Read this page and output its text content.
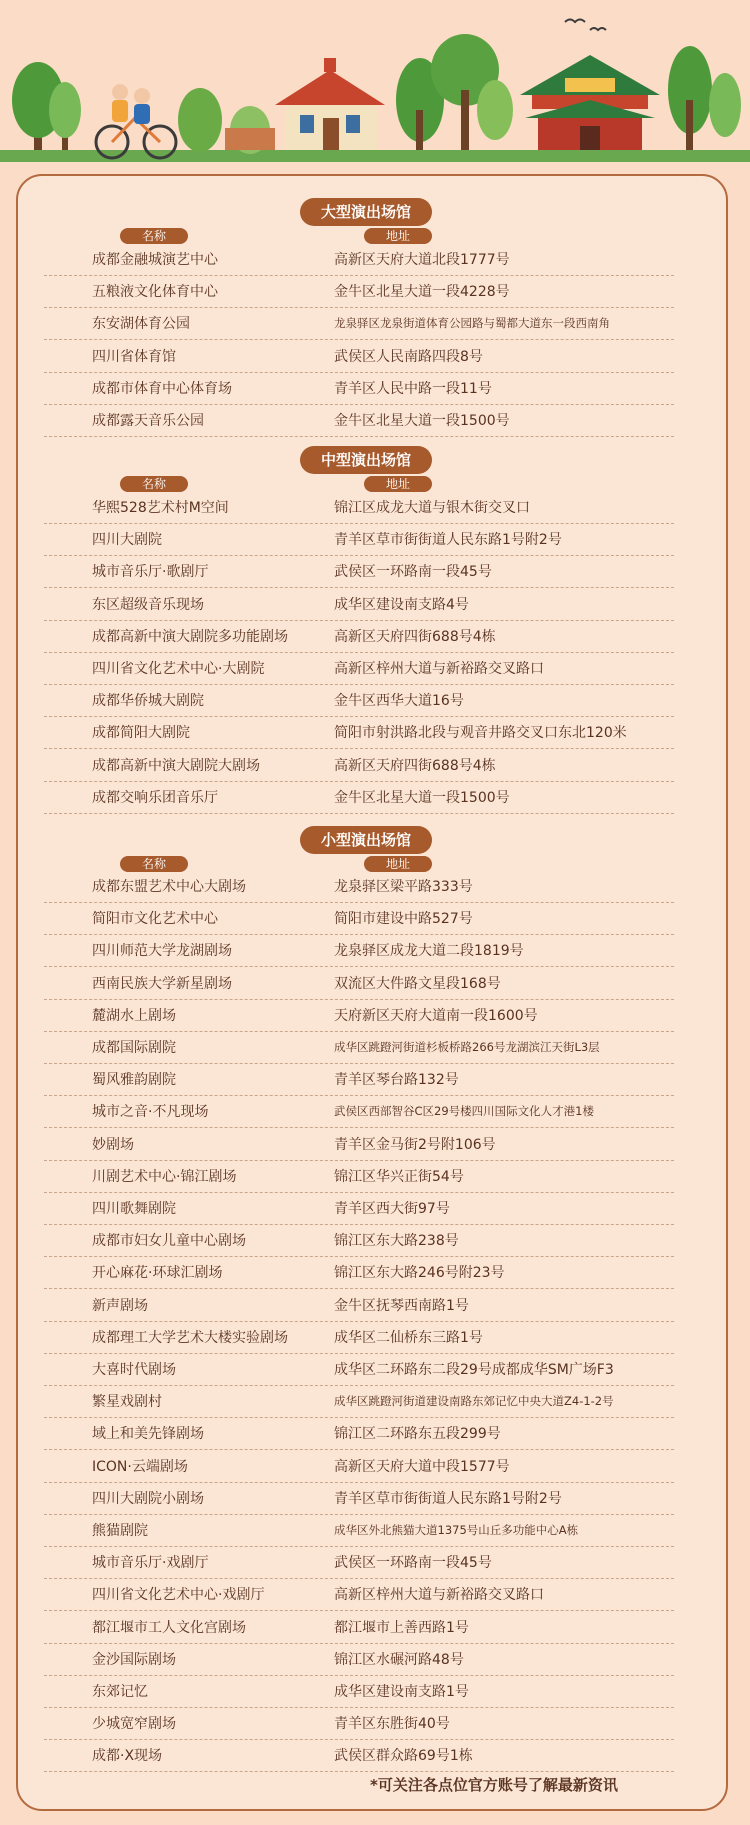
大型演出场馆
名称	地址
成都金融城演艺中心	高新区天府大道北段1777号
五粮液文化体育中心	金牛区北星大道一段4228号
东安湖体育公园	龙泉驿区龙泉街道体育公园路与蜀都大道东一段西南角
四川省体育馆	武侯区人民南路四段8号
成都市体育中心体育场	青羊区人民中路一段11号
成都露天音乐公园	金牛区北星大道一段1500号
中型演出场馆
名称	地址
华熙528艺术村M空间	锦江区成龙大道与银木街交叉口
四川大剧院	青羊区草市街街道人民东路1号附2号
城市音乐厅·歌剧厅	武侯区一环路南一段45号
东区超级音乐现场	成华区建设南支路4号
成都高新中演大剧院多功能剧场	高新区天府四街688号4栋
四川省文化艺术中心·大剧院	高新区梓州大道与新裕路交叉路口
成都华侨城大剧院	金牛区西华大道16号
成都简阳大剧院	简阳市射洪路北段与观音井路交叉口东北120米
成都高新中演大剧院大剧场	高新区天府四街688号4栋
成都交响乐团音乐厅	金牛区北星大道一段1500号
小型演出场馆
名称	地址
成都东盟艺术中心大剧场	龙泉驿区梁平路333号
简阳市文化艺术中心	简阳市建设中路527号
四川师范大学龙湖剧场	龙泉驿区成龙大道二段1819号
西南民族大学新星剧场	双流区大件路文星段168号
麓湖水上剧场	天府新区天府大道南一段1600号
成都国际剧院	成华区跳蹬河街道杉板桥路266号龙湖滨江天街L3层
蜀风雅韵剧院	青羊区琴台路132号
城市之音·不凡现场	武侯区西部智谷C区29号楼四川国际文化人才港1楼
妙剧场	青羊区金马街2号附106号
川剧艺术中心·锦江剧场	锦江区华兴正街54号
四川歌舞剧院	青羊区西大街97号
成都市妇女儿童中心剧场	锦江区东大路238号
开心麻花·环球汇剧场	锦江区东大路246号附23号
新声剧场	金牛区抚琴西南路1号
成都理工大学艺术大楼实验剧场	成华区二仙桥东三路1号
大喜时代剧场	成华区二环路东二段29号成都成华SM广场F3
繁星戏剧村	成华区跳蹬河街道建设南路东郊记忆中央大道Z4-1-2号
域上和美先锋剧场	锦江区二环路东五段299号
ICON·云端剧场	高新区天府大道中段1577号
四川大剧院小剧场	青羊区草市街街道人民东路1号附2号
熊猫剧院	成华区外北熊猫大道1375号山丘多功能中心A栋
城市音乐厅·戏剧厅	武侯区一环路南一段45号
四川省文化艺术中心·戏剧厅	高新区梓州大道与新裕路交叉路口
都江堰市工人文化宫剧场	都江堰市上善西路1号
金沙国际剧场	锦江区水碾河路48号
东郊记忆	成华区建设南支路1号
少城宽窄剧场	青羊区东胜街40号
成都·X现场	武侯区群众路69号1栋
*可关注各点位官方账号了解最新资讯
